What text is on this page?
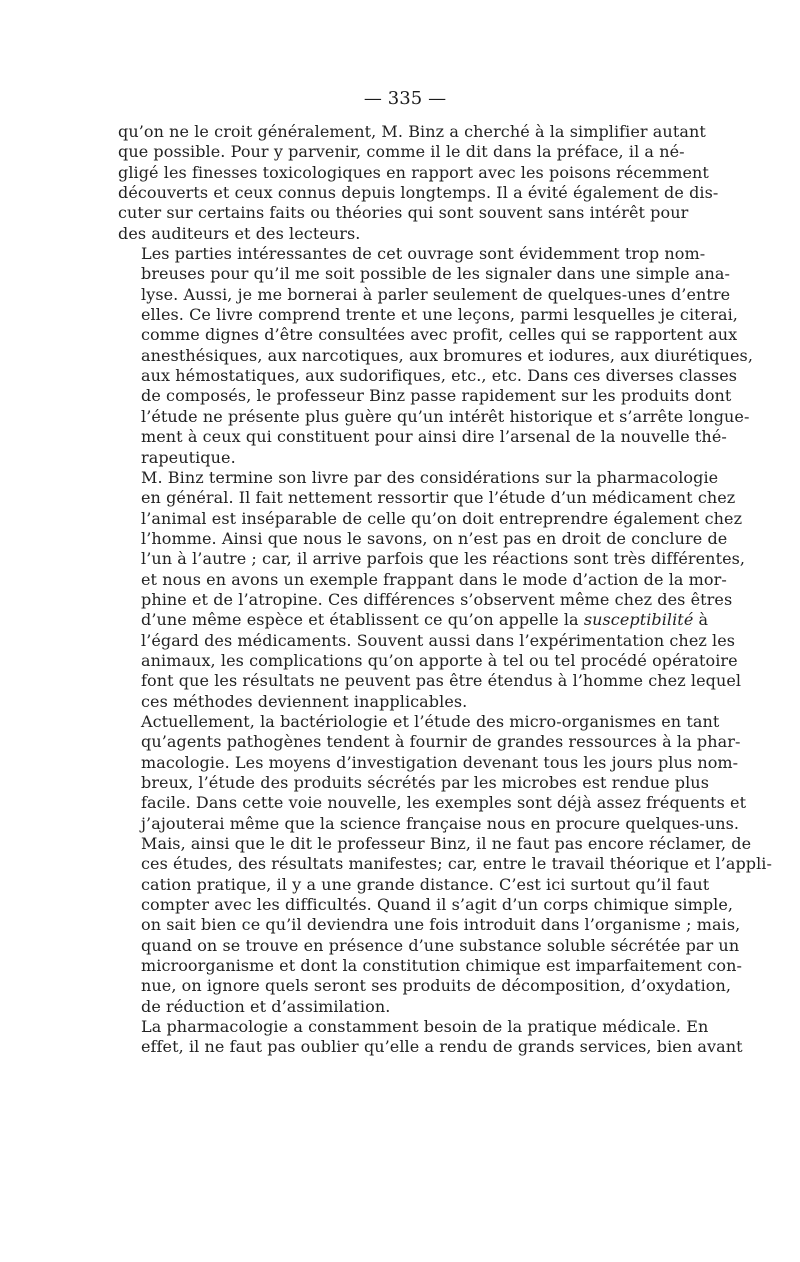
— 335 —

qu’on ne le croit généralement, M. Binz a cherché à la simplifier autant
que possible. Pour y parvenir, comme il le dit dans la préface, il a né-
gligé les finesses toxicologiques en rapport avec les poisons récemment
découverts et ceux connus depuis longtemps. Il a évité également de dis-
cuter sur certains faits ou théories qui sont souvent sans intérêt pour
des auditeurs et des lecteurs.

Les parties intéressantes de cet ouvrage sont évidemment trop nom-
breuses pour qu’il me soit possible de les signaler dans une simple ana-
lyse. Aussi, je me bornerai à parler seulement de quelques-unes d’entre
elles. Ce livre comprend trente et une leçons, parmi lesquelles je citerai,
comme dignes d’être consultées avec profit, celles qui se rapportent aux
anesthésiques, aux narcotiques, aux bromures et iodures, aux diurétiques,
aux hémostatiques, aux sudorifiques, etc., etc. Dans ces diverses classes
de composés, le professeur Binz passe rapidement sur les produits dont
l’étude ne présente plus guère qu’un intérêt historique et s’arrête longue-
ment à ceux qui constituent pour ainsi dire l’arsenal de la nouvelle thé-
rapeutique.

M. Binz termine son livre par des considérations sur la pharmacologie
en général. Il fait nettement ressortir que l’étude d’un médicament chez
l’animal est inséparable de celle qu’on doit entreprendre également chez
l’homme. Ainsi que nous le savons, on n’est pas en droit de conclure de
l’un à l’autre ; car, il arrive parfois que les réactions sont très différentes,
et nous en avons un exemple frappant dans le mode d’action de la mor-
phine et de l’atropine. Ces différences s’observent même chez des êtres
d’une même espèce et établissent ce qu’on appelle la susceptibilité à
l’égard des médicaments. Souvent aussi dans l’expérimentation chez les
animaux, les complications qu’on apporte à tel ou tel procédé opératoire
font que les résultats ne peuvent pas être étendus à l’homme chez lequel
ces méthodes deviennent inapplicables.

Actuellement, la bactériologie et l’étude des micro-organismes en tant
qu’agents pathogènes tendent à fournir de grandes ressources à la phar-
macologie. Les moyens d’investigation devenant tous les jours plus nom-
breux, l’étude des produits sécrétés par les microbes est rendue plus
facile. Dans cette voie nouvelle, les exemples sont déjà assez fréquents et
j’ajouterai même que la science française nous en procure quelques-uns.
Mais, ainsi que le dit le professeur Binz, il ne faut pas encore réclamer, de
ces études, des résultats manifestes; car, entre le travail théorique et l’appli-
cation pratique, il y a une grande distance. C’est ici surtout qu’il faut
compter avec les difficultés. Quand il s’agit d’un corps chimique simple,
on sait bien ce qu’il deviendra une fois introduit dans l’organisme ; mais,
quand on se trouve en présence d’une substance soluble sécrétée par un
microorganisme et dont la constitution chimique est imparfaitement con-
nue, on ignore quels seront ses produits de décomposition, d’oxydation,
de réduction et d’assimilation.

La pharmacologie a constamment besoin de la pratique médicale. En
effet, il ne faut pas oublier qu’elle a rendu de grands services, bien avant
